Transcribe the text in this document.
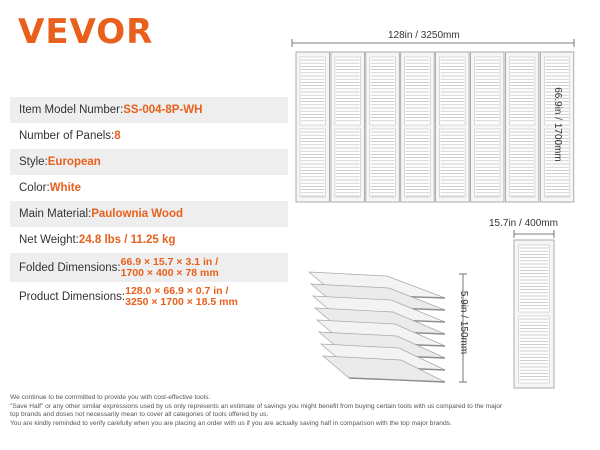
VEVOR
Item Model Number: SS-004-8P-WH
Number of Panels: 8
Style: European
Color: White
Main Material: Paulownia Wood
Net Weight: 24.8 lbs / 11.25 kg
Folded Dimensions: 66.9 × 15.7 × 3.1 in /
1700 × 400 × 78 mm
Product Dimensions: 128.0 × 66.9 × 0.7 in /
3250 × 1700 × 18.5 mm
128in / 3250mm
66.9in / 1700mm
5.9in / 150mm
15.7in / 400mm
We continue to be committed to provide you with cost-effective tools.
"Save Half" or any other similar expressions used by us only represents an estimate of savings you might benefit from buying certain tools with us compared to the major
top brands and doses not necessarily mean to cover all categories of tools offered by us.
You are kindly reminded to verify carefully when you are placing an order with us if you are actually saving half in comparison with the top major brands.
